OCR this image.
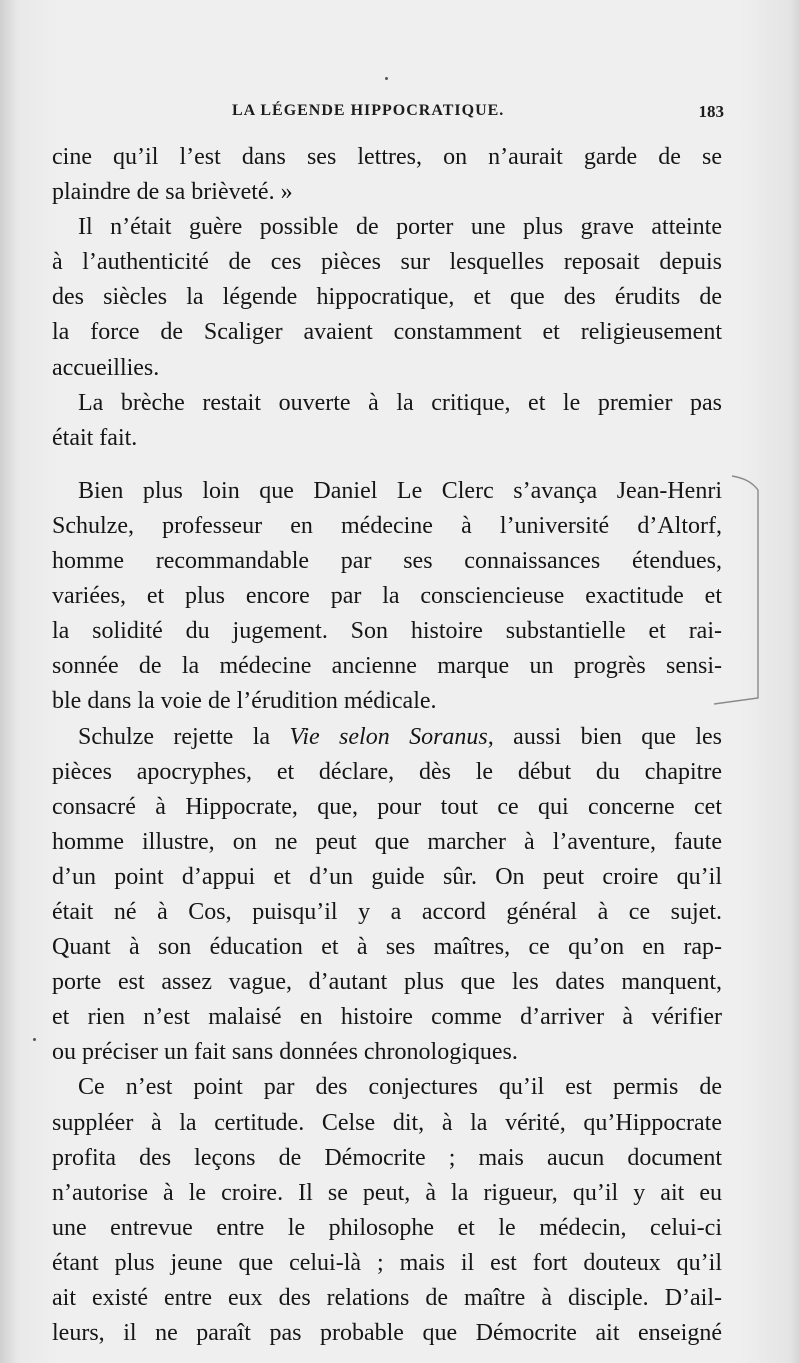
LA LÉGENDE HIPPOCRATIQUE.	183

cine qu’il l’est dans ses lettres, on n’aurait garde de se
plaindre de sa brièveté. »

Il n’était guère possible de porter une plus grave atteinte
à l’authenticité de ces pièces sur lesquelles reposait depuis
des siècles la légende hippocratique, et que des érudits de
la force de Scaliger avaient constamment et religieusement
accueillies.

La brèche restait ouverte à la critique, et le premier pas
était fait.

Bien plus loin que Daniel Le Clerc s’avança Jean-Henri
Schulze, professeur en médecine à l’université d’Altorf,
homme recommandable par ses connaissances étendues,
variées, et plus encore par la consciencieuse exactitude et
la solidité du jugement. Son histoire substantielle et rai-
sonnée de la médecine ancienne marque un progrès sensi-
ble dans la voie de l’érudition médicale.

Schulze rejette la Vie selon Soranus, aussi bien que les
pièces apocryphes, et déclare, dès le début du chapitre
consacré à Hippocrate, que, pour tout ce qui concerne cet
homme illustre, on ne peut que marcher à l’aventure, faute
d’un point d’appui et d’un guide sûr. On peut croire qu’il
était né à Cos, puisqu’il y a accord général à ce sujet.
Quant à son éducation et à ses maîtres, ce qu’on en rap-
porte est assez vague, d’autant plus que les dates manquent,
et rien n’est malaisé en histoire comme d’arriver à vérifier
ou préciser un fait sans données chronologiques.

Ce n’est point par des conjectures qu’il est permis de
suppléer à la certitude. Celse dit, à la vérité, qu’Hippocrate
profita des leçons de Démocrite ; mais aucun document
n’autorise à le croire. Il se peut, à la rigueur, qu’il y ait eu
une entrevue entre le philosophe et le médecin, celui-ci
étant plus jeune que celui-là ; mais il est fort douteux qu’il
ait existé entre eux des relations de maître à disciple. D’ail-
leurs, il ne paraît pas probable que Démocrite ait enseigné
